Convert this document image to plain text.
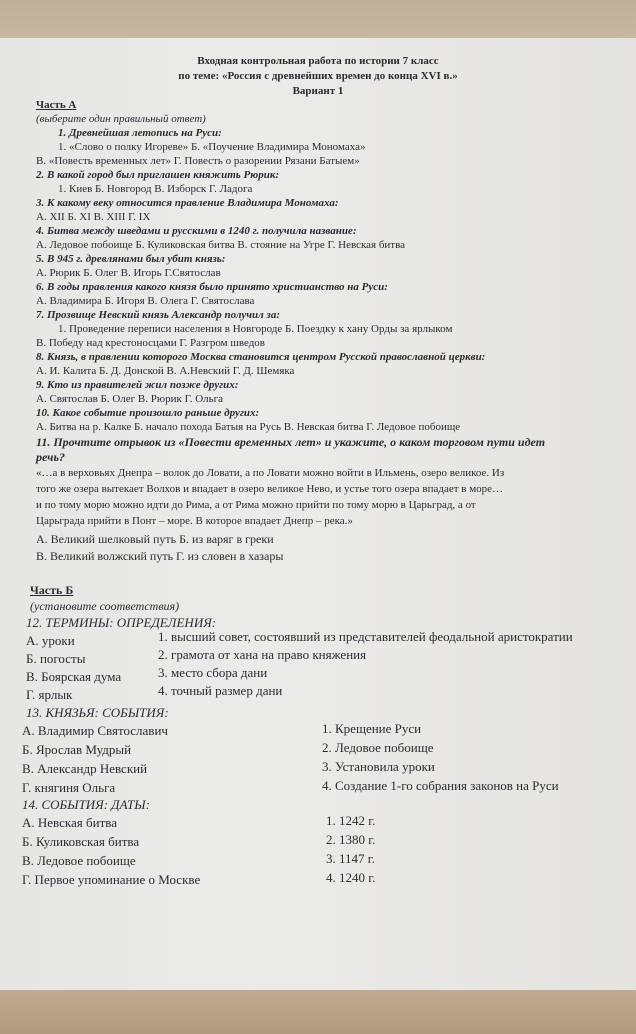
Входная контрольная работа по истории 7 класс
по теме: «Россия с древнейших времен до конца XVI в.»
Вариант 1
Часть А
(выберите один правильный ответ)
1. Древнейшая летопись на Руси:
1. «Слово о полку Игореве» Б. «Поучение Владимира Мономаха»
В. «Повесть временных лет» Г. Повесть о разорении Рязани Батыем»
2. В какой город был приглашен княжить Рюрик:
1. Киев Б. Новгород В. Изборск Г. Ладога
3. К какому веку относится правление Владимира Мономаха:
А. XII Б. XI В. XIII Г. IX
4. Битва между шведами и русскими в 1240 г. получила название:
А. Ледовое побоище Б. Куликовская битва В. стояние на Угре Г. Невская битва
5. В 945 г. древлянами был убит князь:
А. Рюрик Б. Олег В. Игорь Г.Святослав
6. В годы правления какого князя было принято христианство на Руси:
А. Владимира Б. Игоря В. Олега Г. Святослава
7. Прозвище Невский князь Александр получил за:
1. Проведение переписи населения в Новгороде Б. Поездку к хану Орды за ярлыком
В. Победу над крестоносцами Г. Разгром шведов
8. Князь, в правлении которого Москва становится центром Русской православной церкви:
А. И. Калита Б. Д. Донской В. А.Невский Г. Д. Шемяка
9. Кто из правителей жил позже других:
А. Святослав Б. Олег В. Рюрик Г. Ольга
10. Какое событие произошло раньше других:
А. Битва на р. Калке Б. начало похода Батыя на Русь В. Невская битва Г. Ледовое побоище
11. Прочтите отрывок из «Повести временных лет» и укажите, о каком торговом пути идет
речь?
«…а в верховьях Днепра – волок до Ловати, а по Ловати можно войти в Ильмень, озеро великое. Из
того же озера вытекает Волхов и впадает в озеро великое Нево, и устье того озера впадает в море…
и по тому морю можно идти до Рима, а от Рима можно прийти по тому морю в Царьград, а от
Царьграда прийти в Понт – море. В которое впадает Днепр – река.»
А. Великий шелковый путь Б. из варяг в греки
В. Великий волжский путь Г. из словен в хазары
Часть Б
(установите соответствия)
12. ТЕРМИНЫ: ОПРЕДЕЛЕНИЯ:
А. уроки
Б. погосты
В. Боярская дума
Г. ярлык
1. высший совет, состоявший из представителей феодальной аристократии
2. грамота от хана на право княжения
3. место сбора дани
4. точный размер дани
13. КНЯЗЬЯ: СОБЫТИЯ:
А. Владимир Святославич
Б. Ярослав Мудрый
В. Александр Невский
Г. княгиня Ольга
1. Крещение Руси
2. Ледовое побоище
3. Установила уроки
4. Создание 1-го собрания законов на Руси
14. СОБЫТИЯ: ДАТЫ:
А. Невская битва
Б. Куликовская битва
В. Ледовое побоище
Г. Первое упоминание о Москве
1. 1242 г.
2. 1380 г.
3. 1147 г.
4. 1240 г.
